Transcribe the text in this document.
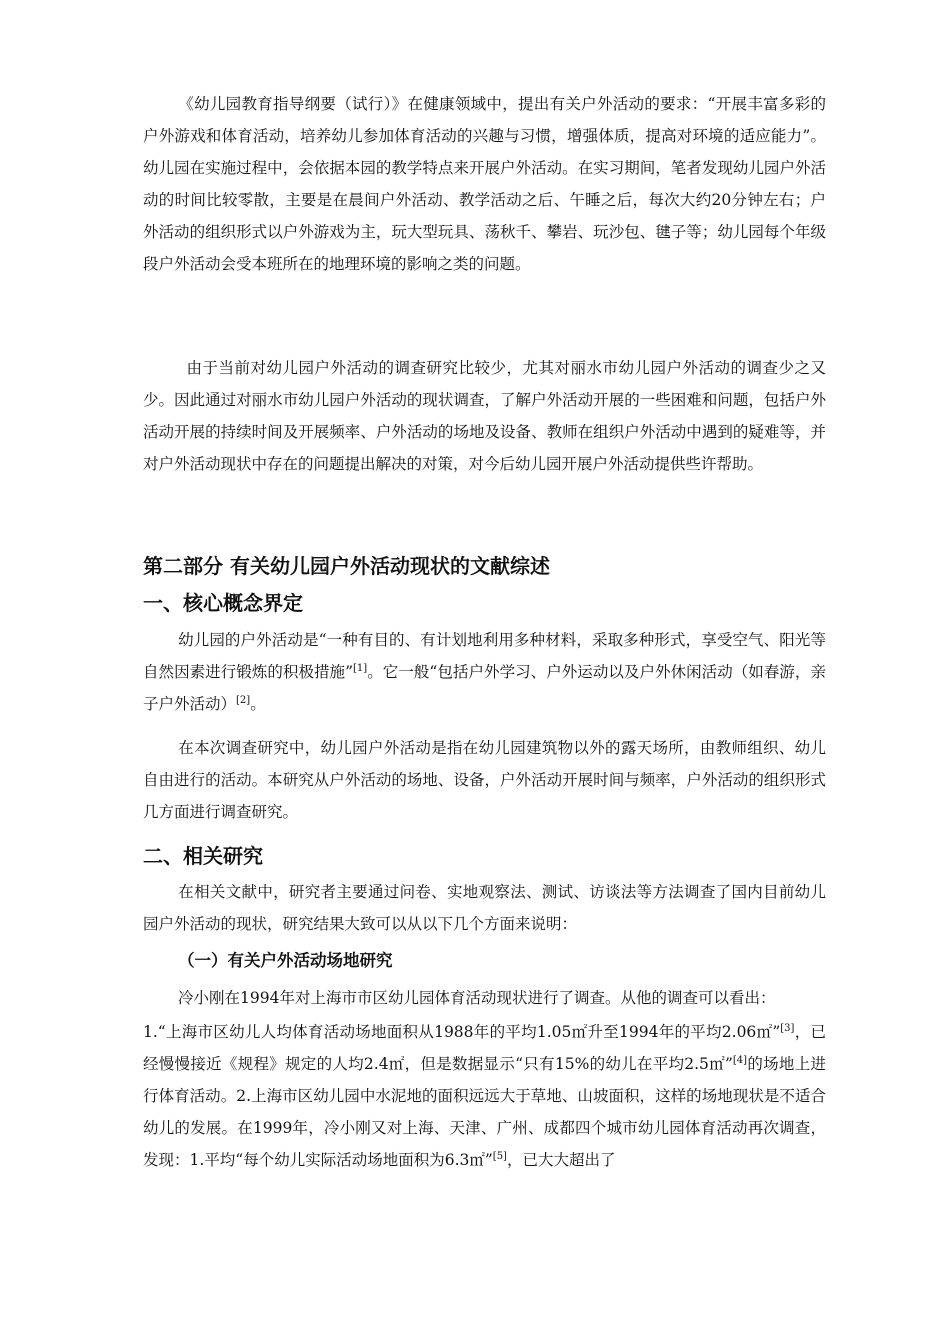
《幼儿园教育指导纲要（试行）》在健康领域中，提出有关户外活动的要求：“开展丰富多彩的户外游戏和体育活动，培养幼儿参加体育活动的兴趣与习惯，增强体质，提高对环境的适应能力”。幼儿园在实施过程中，会依据本园的教学特点来开展户外活动。在实习期间，笔者发现幼儿园户外活动的时间比较零散，主要是在晨间户外活动、教学活动之后、午睡之后，每次大约20分钟左右；户外活动的组织形式以户外游戏为主，玩大型玩具、荡秋千、攀岩、玩沙包、毽子等；幼儿园每个年级段户外活动会受本班所在的地理环境的影响之类的问题。

由于当前对幼儿园户外活动的调查研究比较少，尤其对丽水市幼儿园户外活动的调查少之又少。因此通过对丽水市幼儿园户外活动的现状调查，了解户外活动开展的一些困难和问题，包括户外活动开展的持续时间及开展频率、户外活动的场地及设备、教师在组织户外活动中遇到的疑难等，并对户外活动现状中存在的问题提出解决的对策，对今后幼儿园开展户外活动提供些许帮助。

第二部分 有关幼儿园户外活动现状的文献综述
一、核心概念界定

幼儿园的户外活动是“一种有目的、有计划地利用多种材料，采取多种形式，享受空气、阳光等自然因素进行锻炼的积极措施”[1]。它一般“包括户外学习、户外运动以及户外休闲活动（如春游，亲子户外活动）[2]。

在本次调查研究中，幼儿园户外活动是指在幼儿园建筑物以外的露天场所，由教师组织、幼儿自由进行的活动。本研究从户外活动的场地、设备，户外活动开展时间与频率，户外活动的组织形式几方面进行调查研究。

二、相关研究

在相关文献中，研究者主要通过问卷、实地观察法、测试、访谈法等方法调查了国内目前幼儿园户外活动的现状，研究结果大致可以从以下几个方面来说明：

（一）有关户外活动场地研究

冷小刚在1994年对上海市市区幼儿园体育活动现状进行了调查。从他的调查可以看出：

1.“上海市区幼儿人均体育活动场地面积从1988年的平均1.05㎡升至1994年的平均2.06㎡”[3]，已经慢慢接近《规程》规定的人均2.4㎡，但是数据显示“只有15%的幼儿在平均2.5㎡”[4]的场地上进行体育活动。2.上海市区幼儿园中水泥地的面积远远大于草地、山坡面积，这样的场地现状是不适合幼儿的发展。在1999年，冷小刚又对上海、天津、广州、成都四个城市幼儿园体育活动再次调查，发现：1.平均“每个幼儿实际活动场地面积为6.3㎡”[5]，已大大超出了
